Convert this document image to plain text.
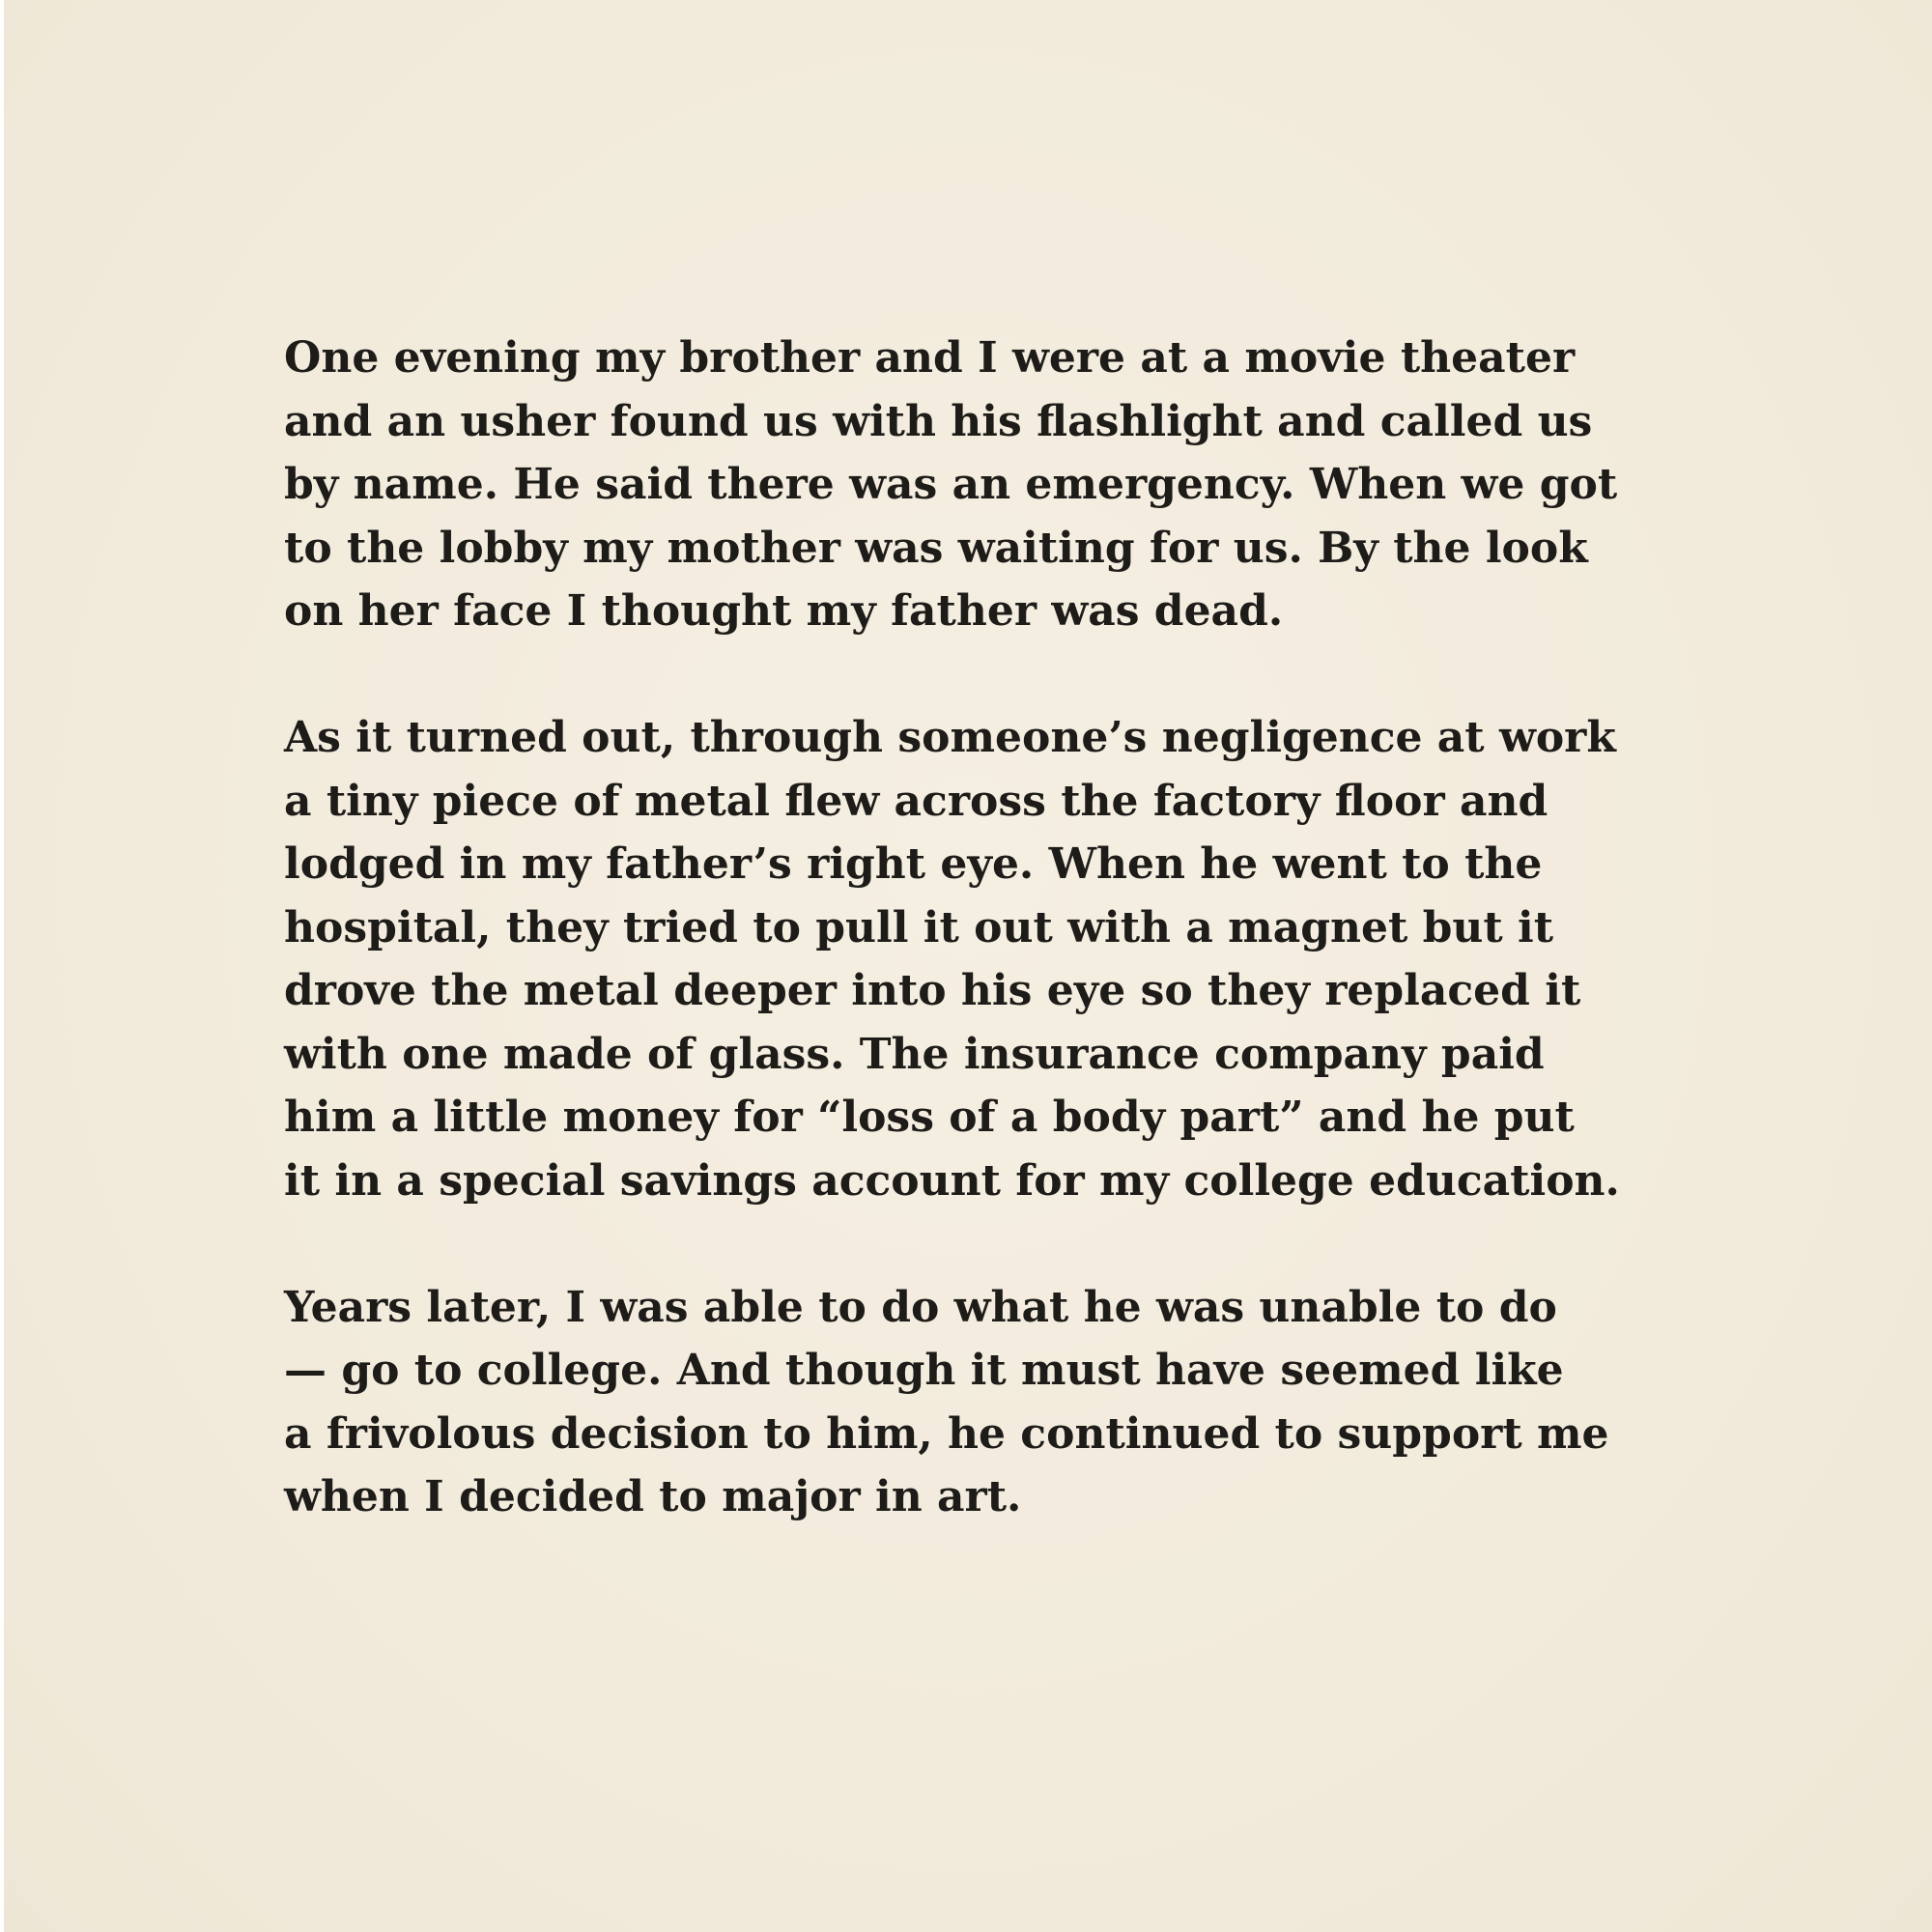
One evening my brother and I were at a movie theater
and an usher found us with his flashlight and called us
by name. He said there was an emergency. When we got
to the lobby my mother was waiting for us. By the look
on her face I thought my father was dead.

As it turned out, through someone’s negligence at work
a tiny piece of metal flew across the factory floor and
lodged in my father’s right eye. When he went to the
hospital, they tried to pull it out with a magnet but it
drove the metal deeper into his eye so they replaced it
with one made of glass. The insurance company paid
him a little money for “loss of a body part” and he put
it in a special savings account for my college education.

Years later, I was able to do what he was unable to do
— go to college. And though it must have seemed like
a frivolous decision to him, he continued to support me
when I decided to major in art.
